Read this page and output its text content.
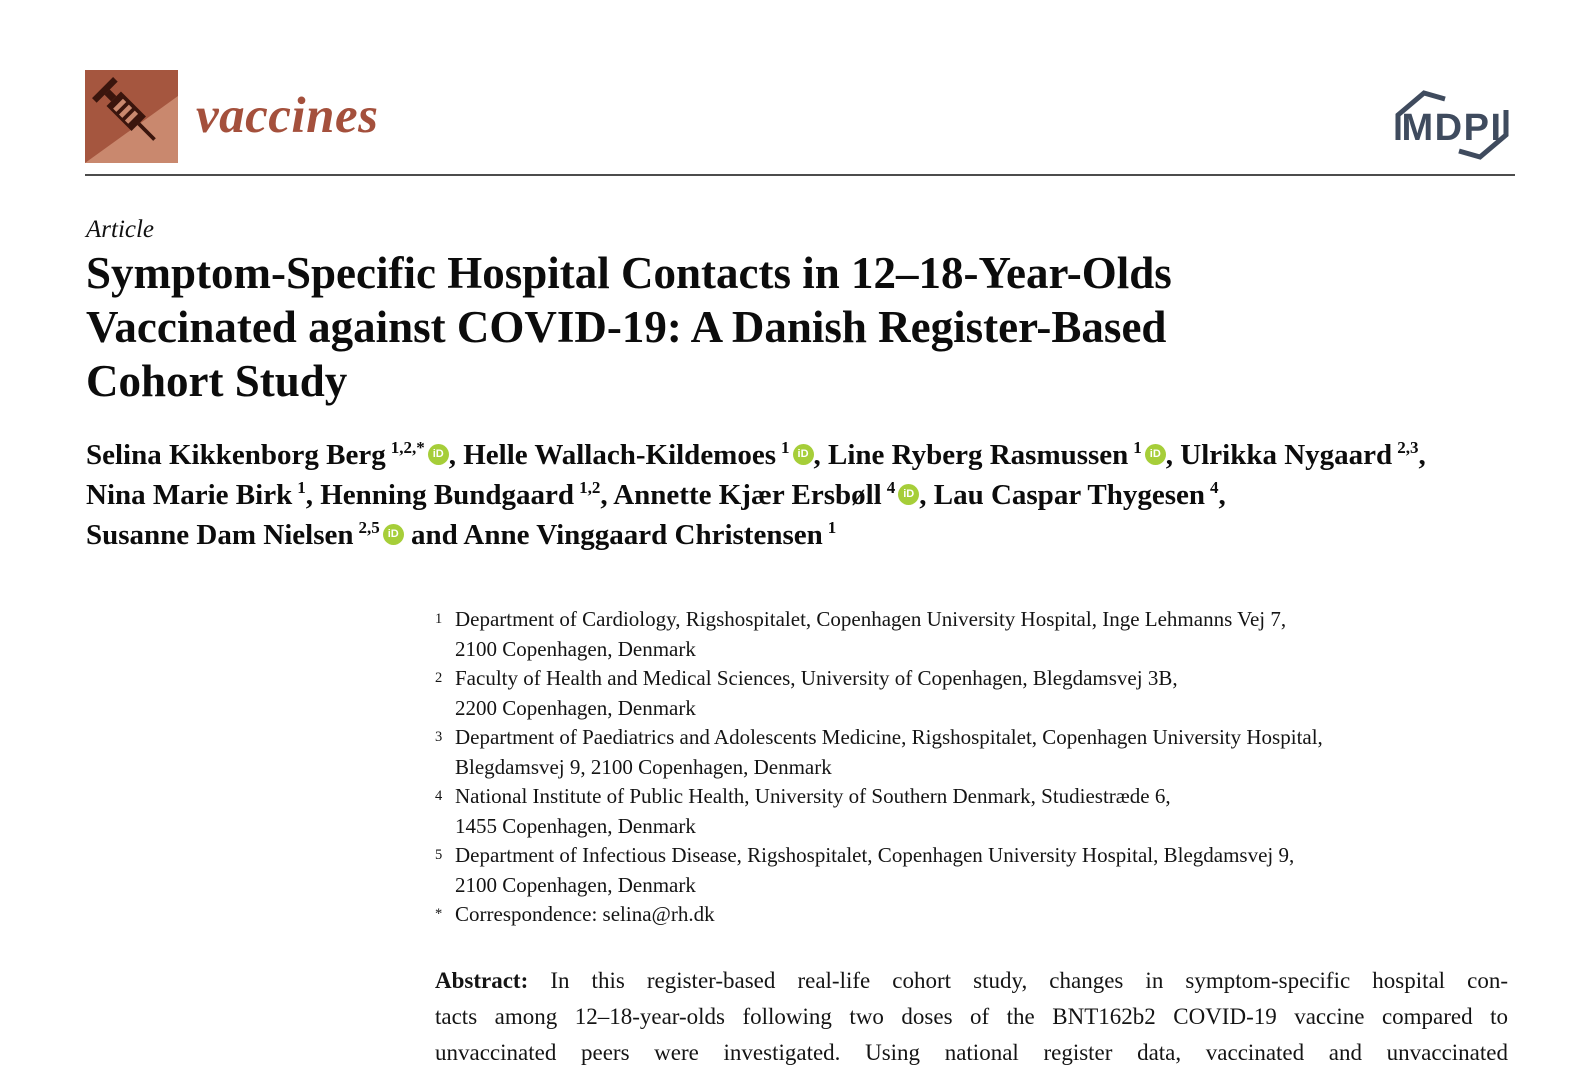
vaccines	MDPI
Article
Symptom-Specific Hospital Contacts in 12–18-Year-Olds
Vaccinated against COVID-19: A Danish Register-Based
Cohort Study
Selina Kikkenborg Berg $^{1,2,*}$ iD , Helle Wallach-Kildemoes $^1$ iD , Line Ryberg Rasmussen $^1$ iD , Ulrikka Nygaard $^{2,3}$,
Nina Marie Birk $^1$, Henning Bundgaard $^{1,2}$, Annette Kjær Ersbøll $^4$ iD , Lau Caspar Thygesen $^4$,
Susanne Dam Nielsen $^{2,5}$ iD and Anne Vinggaard Christensen $^1$
1 Department of Cardiology, Rigshospitalet, Copenhagen University Hospital, Inge Lehmanns Vej 7,
2100 Copenhagen, Denmark
2 Faculty of Health and Medical Sciences, University of Copenhagen, Blegdamsvej 3B,
2200 Copenhagen, Denmark
3 Department of Paediatrics and Adolescents Medicine, Rigshospitalet, Copenhagen University Hospital,
Blegdamsvej 9, 2100 Copenhagen, Denmark
4 National Institute of Public Health, University of Southern Denmark, Studiestræde 6,
1455 Copenhagen, Denmark
5 Department of Infectious Disease, Rigshospitalet, Copenhagen University Hospital, Blegdamsvej 9,
2100 Copenhagen, Denmark
* Correspondence: selina@rh.dk
Abstract: In this register-based real-life cohort study, changes in symptom-specific hospital con-
tacts among 12–18-year-olds following two doses of the BNT162b2 COVID-19 vaccine compared to
unvaccinated peers were investigated. Using national register data, vaccinated and unvaccinated
